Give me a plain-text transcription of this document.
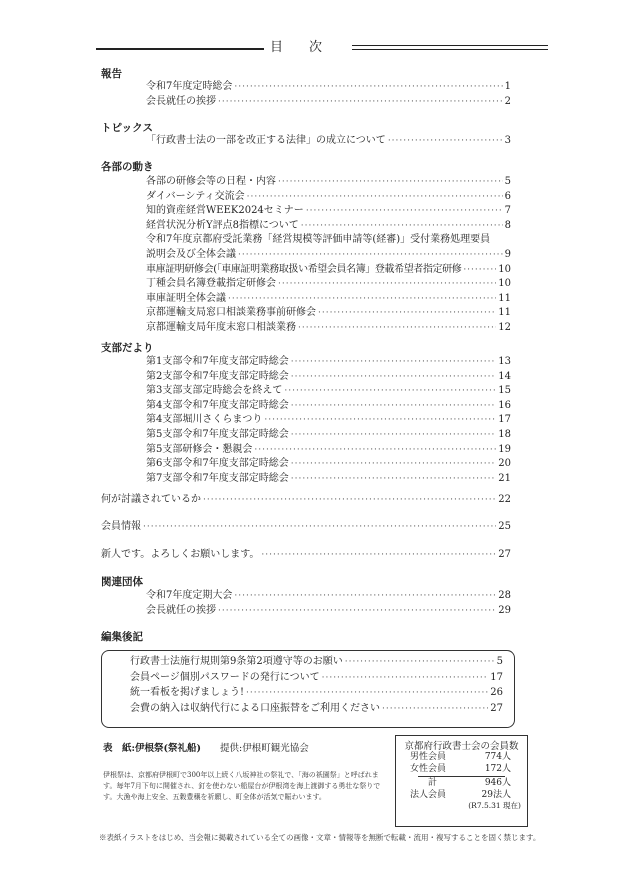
目次
報告
令和7年度定時総会 ·····	1
会長就任の挨拶 ·····	2
トピックス
「行政書士法の一部を改正する法律」の成立について ·····	3
各部の動き
各部の研修会等の日程・内容 ·····	5
ダイバーシティ交流会 ·····	6
知的資産経営WEEK2024セミナー ·····	7
経営状況分析Y評点8指標について ·····	8
令和7年度京都府受託業務「経営規模等評価申請等(経審)」受付業務処理要員
説明会及び全体会議 ·····	9
車庫証明研修会(「車庫証明業務取扱い希望会員名簿」登載希望者指定研修 ·····	10
丁種会員名簿登載指定研修会 ·····	10
車庫証明全体会議 ·····	11
京都運輸支局窓口相談業務事前研修会 ·····	11
京都運輸支局年度末窓口相談業務 ·····	12
支部だより
第1支部 令和7年度支部定時総会 ·····	13
第2支部 令和7年度支部定時総会 ·····	14
第3支部 支部定時総会を終えて ·····	15
第4支部 令和7年度支部定時総会 ·····	16
第4支部 堀川さくらまつり ·····	17
第5支部 令和7年度支部定時総会 ·····	18
第5支部 研修会・懇親会 ·····	19
第6支部 令和7年度支部定時総会 ·····	20
第7支部 令和7年度支部定時総会 ·····	21
何が討議されているか ·····	22
会員情報 ·····	25
新人です。よろしくお願いします。 ·····	27
関連団体
令和7年度定期大会 ·····	28
会長就任の挨拶 ·····	29
編集後記
行政書士法施行規則第9条第2項遵守等のお願い ·····	5
会員ページ個別パスワードの発行について ·····	17
統一看板を掲げましょう! ·····	26
会費の納入は収納代行による口座振替をご利用ください ·····	27
表　紙:伊根祭(祭礼船) 提供:伊根町観光協会
伊根祭は、京都府伊根町で300年以上続く八坂神社の祭礼で、「海の祇園祭」と呼ばれます。毎年7月下旬に開催され、釘を使わない船屋台が伊根湾を海上渡御する勇壮な祭りです。大漁や海上安全、五穀豊穣を祈願し、町全体が活気で賑わいます。
京都府行政書士会の会員数
男性会員	774人
女性会員	172人
計	946人
法人会員	29法人
(R7.5.31 現在)
※表紙イラストをはじめ、当会報に掲載されている全ての画像・文章・情報等を無断で転載・流用・複写することを固く禁じます。
